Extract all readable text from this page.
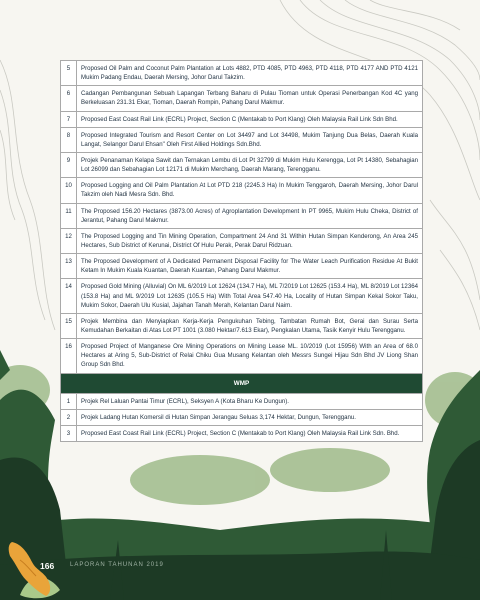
5	Proposed Oil Palm and Coconut Palm Plantation at Lots 4882, PTD 4085, PTD 4963, PTD 4118, PTD 4177 AND PTD 4121 Mukim Padang Endau, Daerah Mersing, Johor Darul Takzim.
6	Cadangan Pembangunan Sebuah Lapangan Terbang Baharu di Pulau Tioman untuk Operasi Penerbangan Kod 4C yang Berkeluasan 231.31 Ekar, Tioman, Daerah Rompin, Pahang Darul Makmur.
7	Proposed East Coast Rail Link (ECRL) Project, Section C (Mentakab to Port Klang) Oleh Malaysia Rail Link Sdn Bhd.
8	Proposed Integrated Tourism and Resort Center on Lot 34497 and Lot 34498, Mukim Tanjung Dua Belas, Daerah Kuala Langat, Selangor Darul Ehsan" Oleh First Allied Holdings Sdn.Bhd.
9	Projek Penanaman Kelapa Sawit dan Ternakan Lembu di Lot Pt 32799 di Mukim Hulu Kerengga, Lot Pt 14380, Sebahagian Lot 26099 dan Sebahagian Lot 12171 di Mukim Merchang, Daerah Marang, Terengganu.
10	Proposed Logging and Oil Palm Plantation At Lot PTD 218 (2245.3 Ha) In Mukim Tenggaroh, Daerah Mersing, Johor Darul Takzim oleh Nadi Mesra Sdn. Bhd.
11	The Proposed 156.20 Hectares (3873.00 Acres) of Agroplantation Development In PT 9965, Mukim Hulu Cheka, District of Jerantut, Pahang Darul Makmur.
12	The Proposed Logging and Tin Mining Operation, Compartment 24 And 31 Within Hutan Simpan Kenderong, An Area 245 Hectares, Sub District of Kerunai, District Of Hulu Perak, Perak Darul Ridzuan.
13	The Proposed Development of A Dedicated Permanent Disposal Facility for The Water Leach Purification Residue At Bukit Ketam In Mukim Kuala Kuantan, Daerah Kuantan, Pahang Darul Makmur.
14	Proposed Gold Mining (Alluvial) On ML 6/2019 Lot 12624 (134.7 Ha), ML 7/2019 Lot 12625 (153.4 Ha), ML 8/2019 Lot 12364 (153.8 Ha) and ML 9/2019 Lot 12635 (105.5 Ha) With Total Area 547.40 Ha, Locality of Hutan Simpan Kekal Sokor Taku, Mukim Sokor, Daerah Ulu Kusial, Jajahan Tanah Merah, Kelantan Darul Naim.
15	Projek Membina dan Menyiapkan Kerja-Kerja Pengukuhan Tebing, Tambatan Rumah Bot, Gerai dan Surau Serta Kemudahan Berkaitan di Atas Lot PT 1001 (3.080 Hektar/7.613 Ekar), Pengkalan Utama, Tasik Kenyir Hulu Terengganu.
16	Proposed Project of Manganese Ore Mining Operations on Mining Lease ML. 10/2019 (Lot 15956) With an Area of 68.0 Hectares at Aring 5, Sub-District of Relai Chiku Gua Musang Kelantan oleh Messrs Sungei Hijau Sdn Bhd JV Liong Shan Group Sdn Bhd.
WMP	
1	Projek Rel Laluan Pantai Timur (ECRL), Seksyen A (Kota Bharu Ke Dungun).
2	Projek Ladang Hutan Komersil di Hutan Simpan Jerangau Seluas 3,174 Hektar, Dungun, Terengganu.
3	Proposed East Coast Rail Link (ECRL) Project, Section C (Mentakab to Port Klang) Oleh Malaysia Rail Link Sdn. Bhd.
166	LAPORAN TAHUNAN 2019
